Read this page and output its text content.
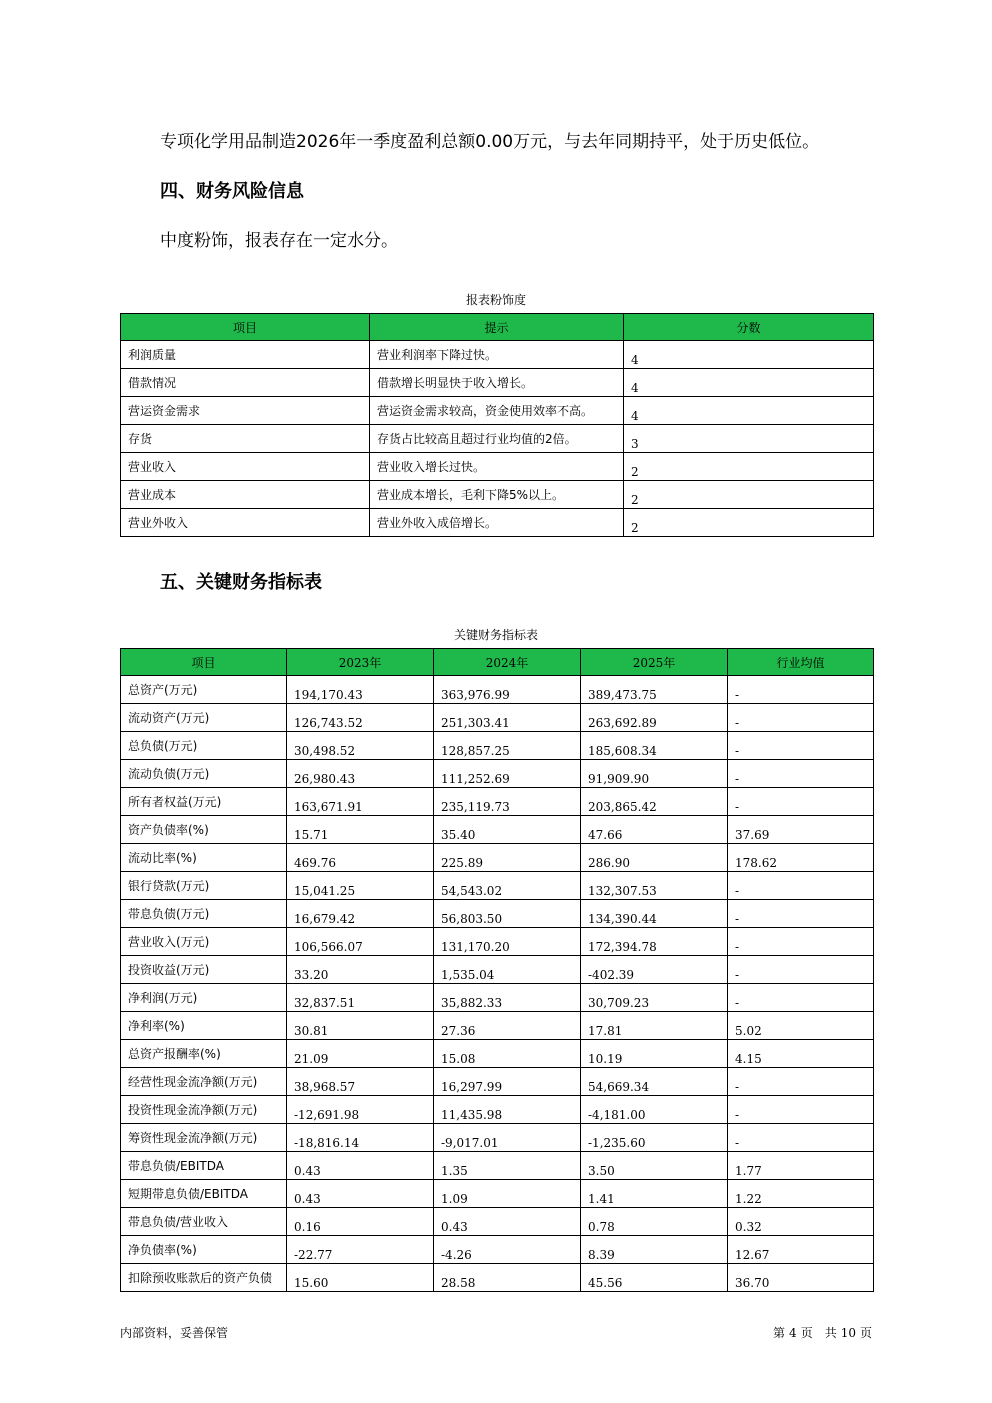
专项化学用品制造2026年一季度盈利总额0.00万元，与去年同期持平，处于历史低位。
四、财务风险信息
中度粉饰，报表存在一定水分。
报表粉饰度
项目	提示	分数
利润质量	营业利润率下降过快。	4
借款情况	借款增长明显快于收入增长。	4
营运资金需求	营运资金需求较高，资金使用效率不高。	4
存货	存货占比较高且超过行业均值的2倍。	3
营业收入	营业收入增长过快。	2
营业成本	营业成本增长，毛利下降5%以上。	2
营业外收入	营业外收入成倍增长。	2
五、关键财务指标表
关键财务指标表
项目	2023年	2024年	2025年	行业均值
总资产(万元)	194,170.43	363,976.99	389,473.75	-
流动资产(万元)	126,743.52	251,303.41	263,692.89	-
总负债(万元)	30,498.52	128,857.25	185,608.34	-
流动负债(万元)	26,980.43	111,252.69	91,909.90	-
所有者权益(万元)	163,671.91	235,119.73	203,865.42	-
资产负债率(%)	15.71	35.40	47.66	37.69
流动比率(%)	469.76	225.89	286.90	178.62
银行贷款(万元)	15,041.25	54,543.02	132,307.53	-
带息负债(万元)	16,679.42	56,803.50	134,390.44	-
营业收入(万元)	106,566.07	131,170.20	172,394.78	-
投资收益(万元)	33.20	1,535.04	-402.39	-
净利润(万元)	32,837.51	35,882.33	30,709.23	-
净利率(%)	30.81	27.36	17.81	5.02
总资产报酬率(%)	21.09	15.08	10.19	4.15
经营性现金流净额(万元)	38,968.57	16,297.99	54,669.34	-
投资性现金流净额(万元)	-12,691.98	11,435.98	-4,181.00	-
筹资性现金流净额(万元)	-18,816.14	-9,017.01	-1,235.60	-
带息负债/EBITDA	0.43	1.35	3.50	1.77
短期带息负债/EBITDA	0.43	1.09	1.41	1.22
带息负债/营业收入	0.16	0.43	0.78	0.32
净负债率(%)	-22.77	-4.26	8.39	12.67
扣除预收账款后的资产负债	15.60	28.58	45.56	36.70
内部资料，妥善保管	第 4 页　共 10 页
